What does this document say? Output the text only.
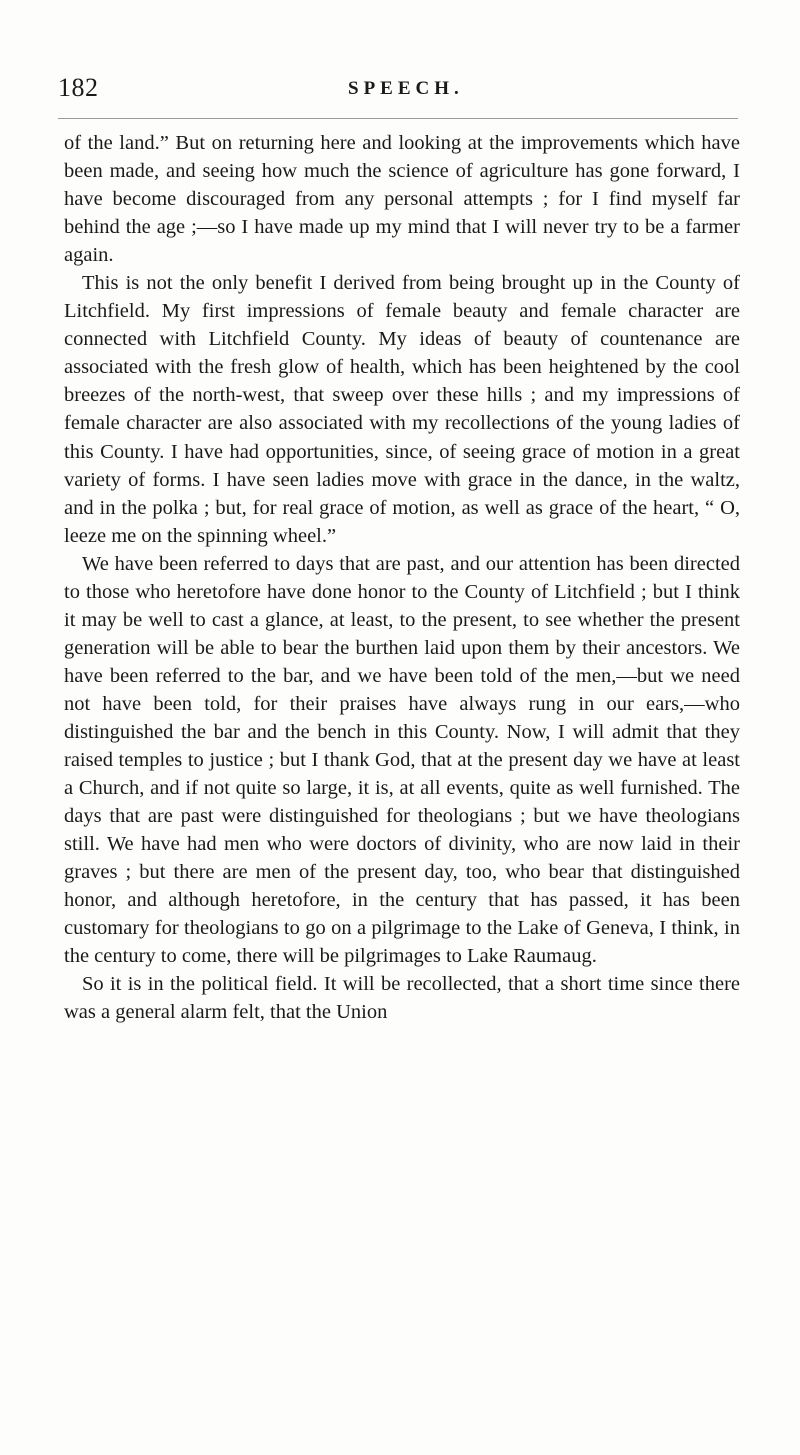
182	SPEECH.

of the land.” But on returning here and looking at the improvements which have been made, and seeing how much the science of agriculture has gone forward, I have become discouraged from any personal attempts ; for I find myself far behind the age ;—so I have made up my mind that I will never try to be a farmer again.

This is not the only benefit I derived from being brought up in the County of Litchfield. My first impressions of female beauty and female character are connected with Litchfield County. My ideas of beauty of countenance are associated with the fresh glow of health, which has been heightened by the cool breezes of the north-west, that sweep over these hills ; and my impressions of female character are also associated with my recollections of the young ladies of this County. I have had opportunities, since, of seeing grace of motion in a great variety of forms. I have seen ladies move with grace in the dance, in the waltz, and in the polka ; but, for real grace of motion, as well as grace of the heart, “ O, leeze me on the spinning wheel.”

We have been referred to days that are past, and our attention has been directed to those who heretofore have done honor to the County of Litchfield ; but I think it may be well to cast a glance, at least, to the present, to see whether the present generation will be able to bear the burthen laid upon them by their ancestors. We have been referred to the bar, and we have been told of the men,—but we need not have been told, for their praises have always rung in our ears,—who distinguished the bar and the bench in this County. Now, I will admit that they raised temples to justice ; but I thank God, that at the present day we have at least a Church, and if not quite so large, it is, at all events, quite as well furnished. The days that are past were distinguished for theologians ; but we have theologians still. We have had men who were doctors of divinity, who are now laid in their graves ; but there are men of the present day, too, who bear that distinguished honor, and although heretofore, in the century that has passed, it has been customary for theologians to go on a pilgrimage to the Lake of Geneva, I think, in the century to come, there will be pilgrimages to Lake Raumaug.

So it is in the political field. It will be recollected, that a short time since there was a general alarm felt, that the Union
